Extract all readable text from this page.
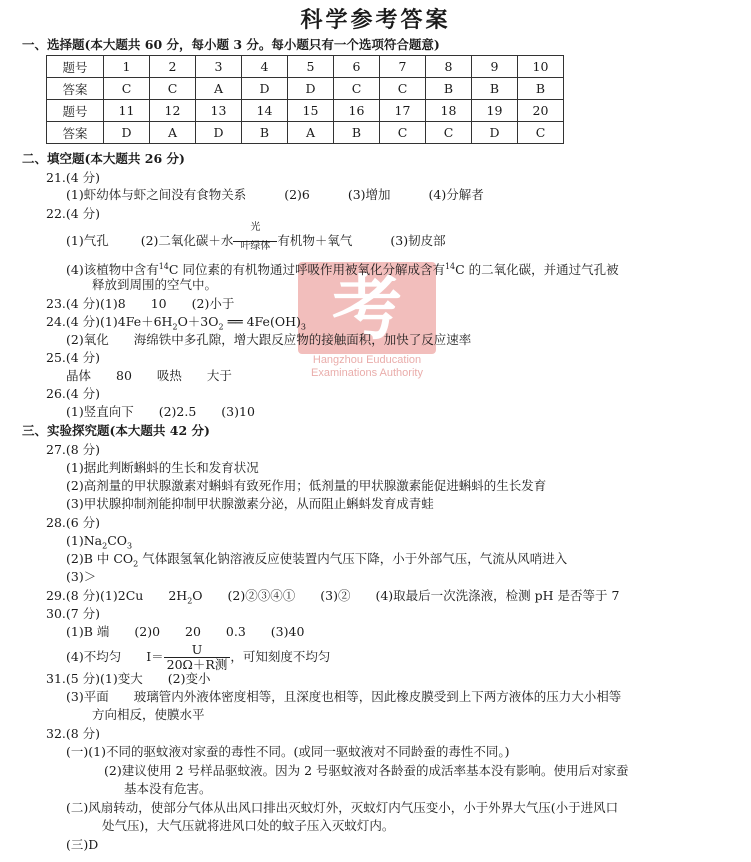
科学参考答案
一、选择题(本大题共 60 分，每小题 3 分。每小题只有一个选项符合题意)
题号	1	2	3	4	5	6	7	8	9	10
答案	C	C	A	D	D	C	C	B	B	B
题号	11	12	13	14	15	16	17	18	19	20
答案	D	A	D	B	A	B	C	C	D	C
考
Hangzhou Euducation
Examinations Authority
二、填空题(本大题共 26 分)
21.(4 分)
(1)虾幼体与虾之间没有食物关系	(2)6	(3)增加	(4)分解者
22.(4 分)
(1)气孔	(2)二氧化碳＋水
光
叶绿体 有机物＋氧气	(3)韧皮部
(4)该植物中含有$^{14}$C 同位素的有机物通过呼吸作用被氧化分解成含有$^{14}$C 的二氧化碳，并通过气孔被
释放到周围的空气中。
23.(4 分)(1)8　　10　　(2)小于
24.(4 分)$(1)4Fe+6H_2O+3O_2$ ══ $4Fe(OH)_3$
(2)氧化　　海绵铁中多孔隙，增大跟反应物的接触面积，加快了反应速率
25.(4 分)
晶体　　80　　吸热　　大于
26.(4 分)
(1)竖直向下　　(2)2.5　　(3)10
三、实验探究题(本大题共 42 分)
27.(8 分)
(1)据此判断蝌蚪的生长和发育状况
(2)高剂量的甲状腺激素对蝌蚪有致死作用；低剂量的甲状腺激素能促进蝌蚪的生长发育
(3)甲状腺抑制剂能抑制甲状腺激素分泌，从而阻止蝌蚪发育成青蛙
28.(6 分)
$(1)Na_2CO_3$
(2)B 中 $CO_2$ 气体跟氢氧化钠溶液反应使装置内气压下降，小于外部气压，气流从风哨进入
(3)＞
29.(8 分)(1)2Cu　　$2H_2O$　　(2)②③④①　　(3)②　　(4)取最后一次洗涤液，检测 pH 是否等于 7
30.(7 分)
(1)B 端　　(2)0　　20　　0.3　　(3)40
(4)不均匀　　$I= \frac{U}{\text{20Ω＋R测}}$ ，可知刻度不均匀
31.(5 分)(1)变大　　(2)变小
(3)平面　　玻璃管内外液体密度相等，且深度也相等，因此橡皮膜受到上下两方液体的压力大小相等
方向相反，使膜水平
32.(8 分)
(一)(1)不同的驱蚊液对家蚕的毒性不同。(或同一驱蚊液对不同龄蚕的毒性不同。)
(2)建议使用 2 号样品驱蚊液。因为 2 号驱蚊液对各龄蚕的成活率基本没有影响。使用后对家蚕
基本没有危害。
(二)风扇转动，使部分气体从出风口排出灭蚊灯外，灭蚊灯内气压变小，小于外界大气压(小于进风口
处气压)，大气压就将进风口处的蚊子压入灭蚊灯内。
(三)D
